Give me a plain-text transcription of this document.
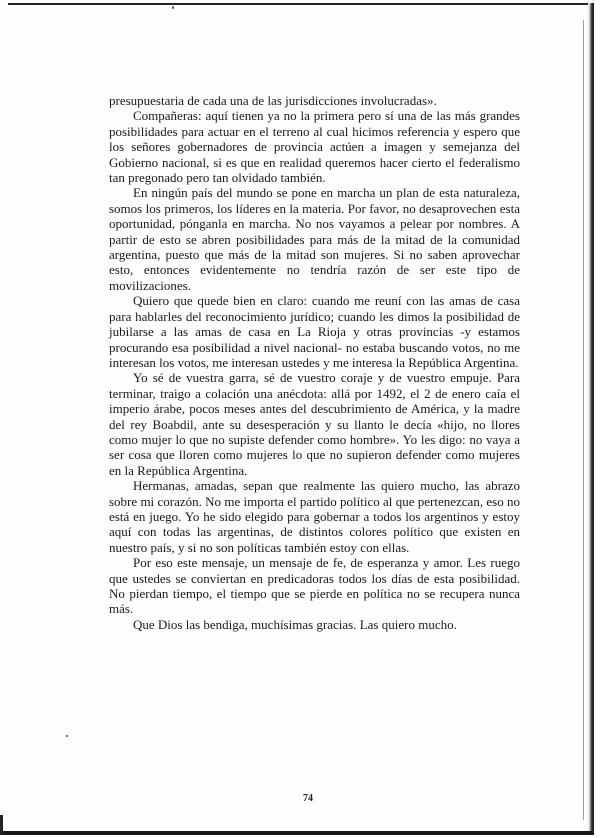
presupuestaria de cada una de las jurisdicciones involucradas».

Compañeras: aquí tienen ya no la primera pero sí una de las más grandes posibilidades para actuar en el terreno al cual hicimos referencia y espero que los señores gobernadores de provincia actúen a imagen y semejanza del Gobierno nacional, si es que en realidad queremos hacer cierto el federalismo tan pregonado pero tan olvidado también.

En ningún país del mundo se pone en marcha un plan de esta naturaleza, somos los primeros, los líderes en la materia. Por favor, no desaprovechen esta oportunidad, pónganla en marcha. No nos vayamos a pelear por nombres. A partir de esto se abren posibilidades para más de la mitad de la comunidad argentina, puesto que más de la mitad son mujeres. Si no saben aprovechar esto, entonces evidentemente no tendría razón de ser este tipo de movilizaciones.

Quiero que quede bien en claro: cuando me reuní con las amas de casa para hablarles del reconocimiento jurídico; cuando les dimos la posibilidad de jubilarse a las amas de casa en La Rioja y otras provincias -y estamos procurando esa posibilidad a nivel nacional- no estaba buscando votos, no me interesan los votos, me interesan ustedes y me interesa la República Argentina.

Yo sé de vuestra garra, sé de vuestro coraje y de vuestro empuje. Para terminar, traigo a colación una anécdota: allá por 1492, el 2 de enero caía el imperio árabe, pocos meses antes del descubrimiento de América, y la madre del rey Boabdil, ante su desesperación y su llanto le decía «hijo, no llores como mujer lo que no supiste defender como hombre». Yo les digo: no vaya a ser cosa que lloren como mujeres lo que no supieron defender como mujeres en la República Argentina.

Hermanas, amadas, sepan que realmente las quiero mucho, las abrazo sobre mi corazón. No me importa el partido político al que pertenezcan, eso no está en juego. Yo he sido elegido para gobernar a todos los argentinos y estoy aquí con todas las argentinas, de distintos colores político que existen en nuestro país, y si no son políticas también estoy con ellas.

Por eso este mensaje, un mensaje de fe, de esperanza y amor. Les ruego que ustedes se conviertan en predicadoras todos los días de esta posibilidad. No pierdan tiempo, el tiempo que se pierde en política no se recupera nunca más.

Que Dios las bendiga, muchísimas gracias. Las quiero mucho.

74
